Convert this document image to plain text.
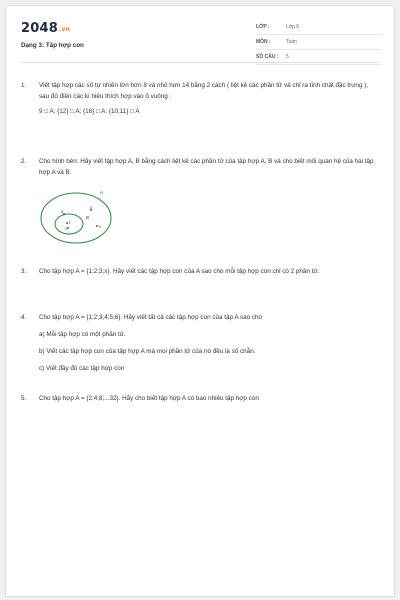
2048.vn
Dạng 3: Tập hợp con
LỚP :	Lớp 6
MÔN :	Toán
SỐ CÂU :	5
1. Viết tập hợp các số tự nhiên lớn hơn 8 và nhỏ hơn 14 bằng 2 cách ( liệt kê các phần tử và chỉ ra tính chất đặc trưng ), sau đó điền các kí hiệu thích hợp vào ô vuông :

9 □ A; {12} □ A; {16} □ A; {10;11} □ A

2. Cho hình bên: Hãy viết tập hợp A, B bằng cách liệt kê các phần tử của tập hợp A, B và cho biết mối quan hệ của hai tập hợp A và B.

A
B
5
1
2	3
4
3. Cho tập hợp A = {1;2;3;x}. Hãy viết các tập hợp con của A sao cho mỗi tập hợp con chỉ có 2 phần tử.

4. Cho tập hợp A = {1;2;3;4;5;6}. Hãy viết tất cả các tập hợp con của tập A sao cho

a) Mỗi tập hợp có một phần tử.

b) Viết các tập hợp con của tập hợp A mà mọi phần tử của nó đều là số chẵn.

c) Viết đầy đủ các tập hợp con

5. Cho tập hợp A = {2;4;8;...32}. Hãy cho biết tập hợp A có bao nhiêu tập hợp con
